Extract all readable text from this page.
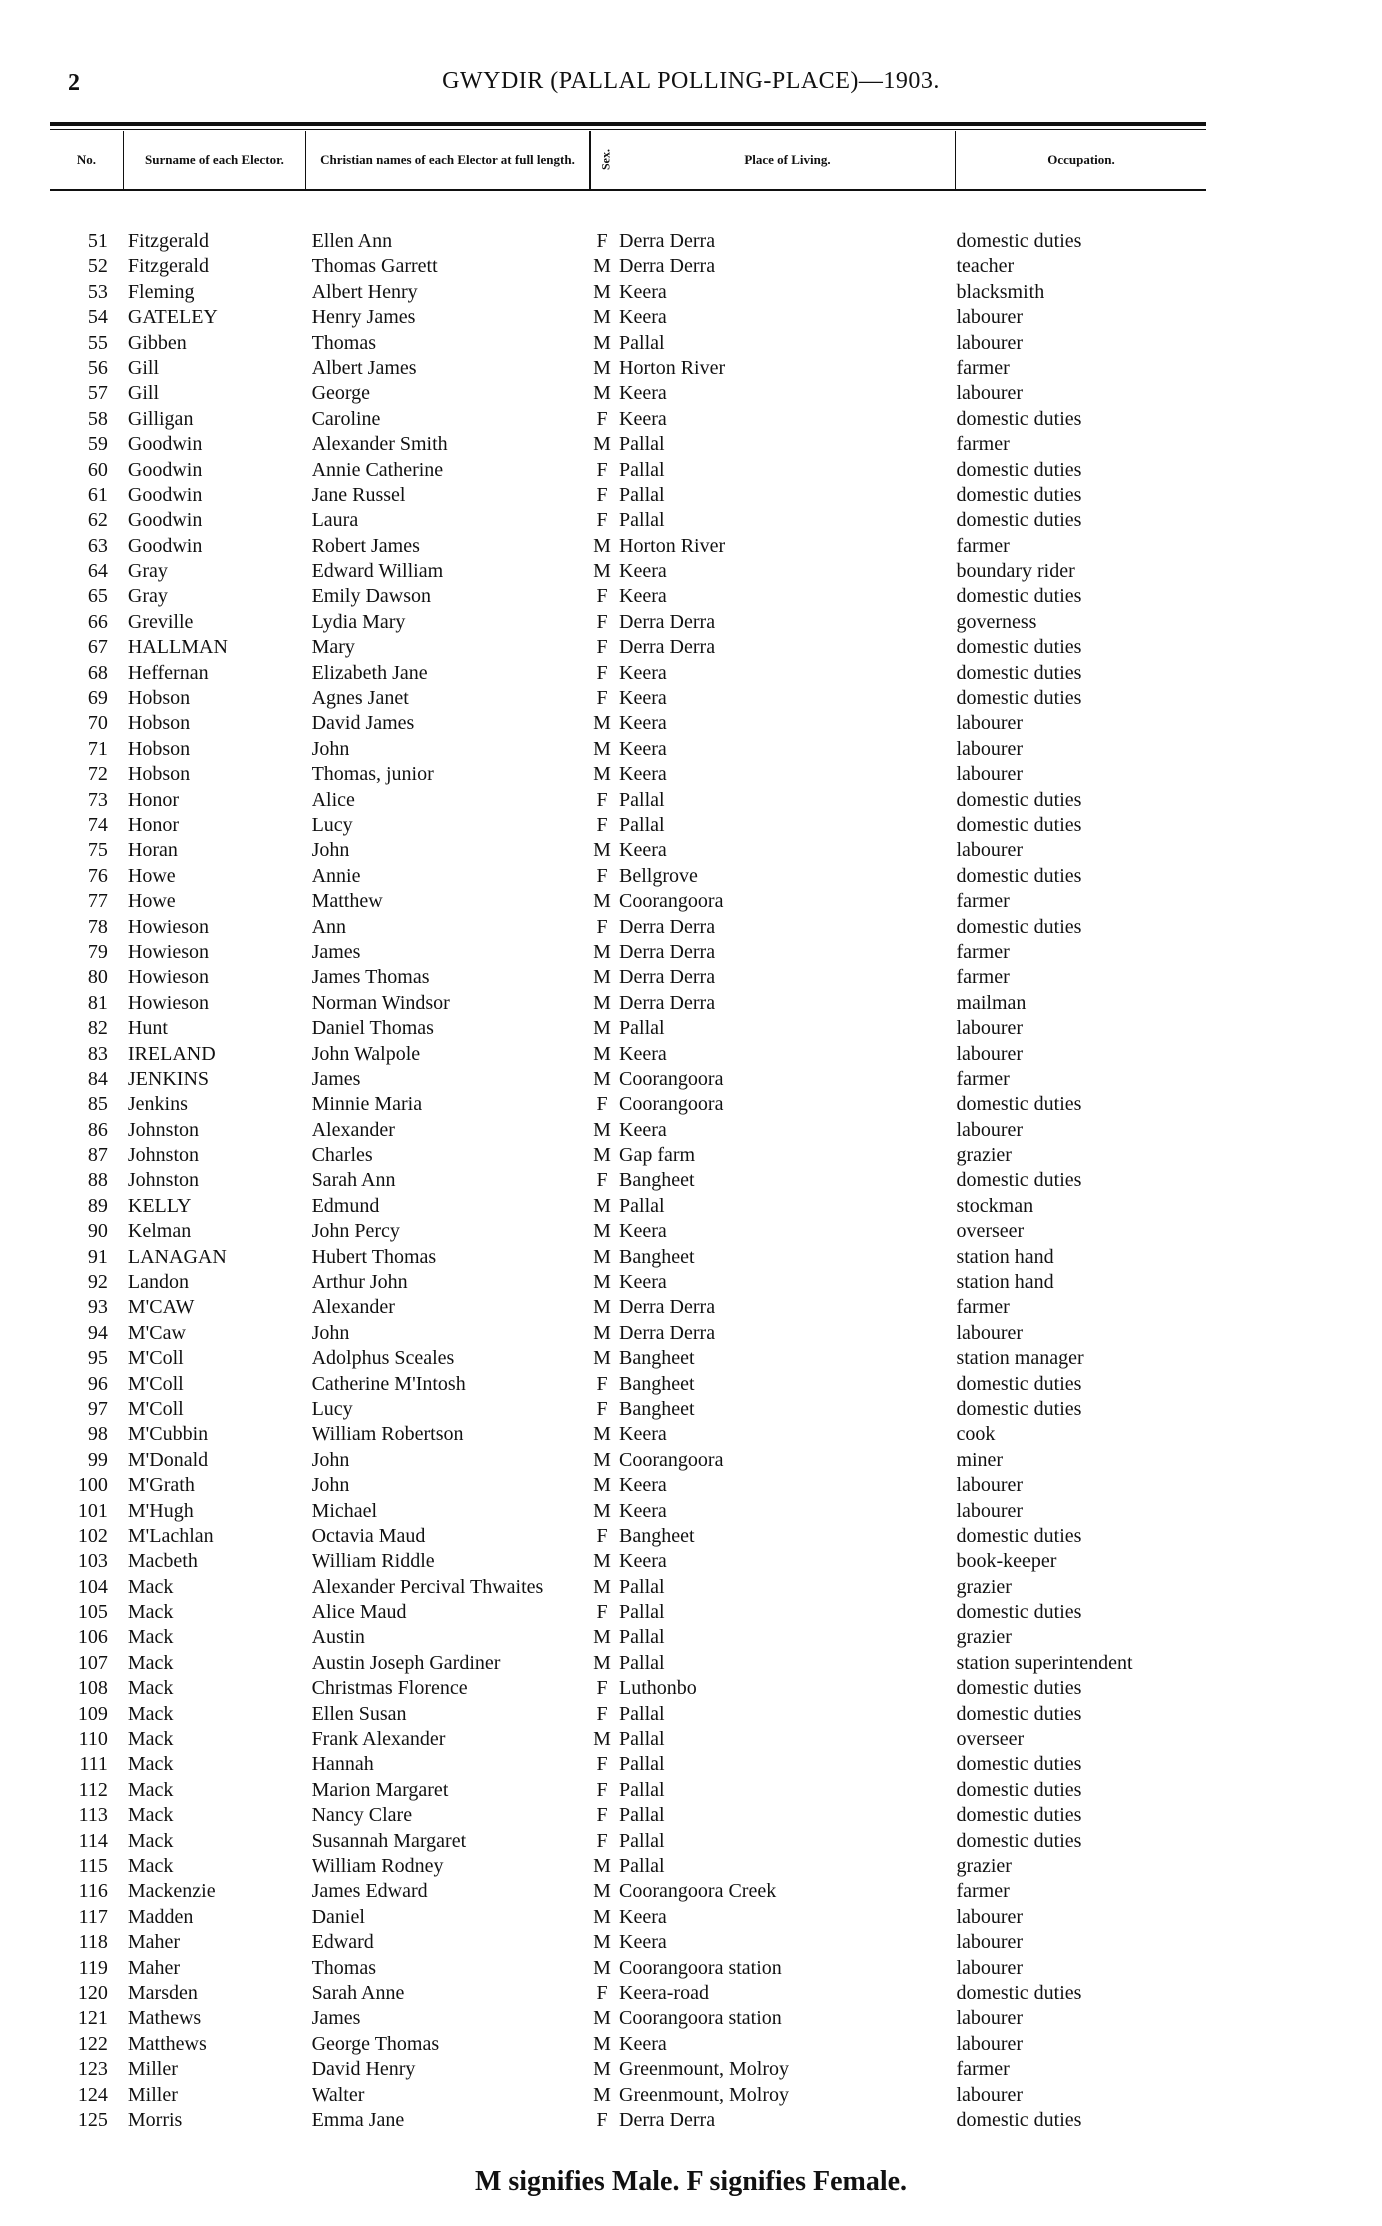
2	GWYDIR (PALLAL POLLING-PLACE)—1903.
No.	Surname of each Elector.	Christian names of each Elector at full length.	Sex.	Place of Living.	Occupation.
51	Fitzgerald	Ellen Ann	F Derra Derra	domestic duties
52	Fitzgerald	Thomas Garrett	M Derra Derra	teacher
53	Fleming	Albert Henry	M Keera	blacksmith
54	GATELEY	Henry James	M Keera	labourer
55	Gibben	Thomas	M Pallal	labourer
56	Gill	Albert James	M Horton River	farmer
57	Gill	George	M Keera	labourer
58	Gilligan	Caroline	F Keera	domestic duties
59	Goodwin	Alexander Smith	M Pallal	farmer
60	Goodwin	Annie Catherine	F Pallal	domestic duties
61	Goodwin	Jane Russel	F Pallal	domestic duties
62	Goodwin	Laura	F Pallal	domestic duties
63	Goodwin	Robert James	M Horton River	farmer
64	Gray	Edward William	M Keera	boundary rider
65	Gray	Emily Dawson	F Keera	domestic duties
66	Greville	Lydia Mary	F Derra Derra	governess
67	HALLMAN	Mary	F Derra Derra	domestic duties
68	Heffernan	Elizabeth Jane	F Keera	domestic duties
69	Hobson	Agnes Janet	F Keera	domestic duties
70	Hobson	David James	M Keera	labourer
71	Hobson	John	M Keera	labourer
72	Hobson	Thomas, junior	M Keera	labourer
73	Honor	Alice	F Pallal	domestic duties
74	Honor	Lucy	F Pallal	domestic duties
75	Horan	John	M Keera	labourer
76	Howe	Annie	F Bellgrove	domestic duties
77	Howe	Matthew	M Coorangoora	farmer
78	Howieson	Ann	F Derra Derra	domestic duties
79	Howieson	James	M Derra Derra	farmer
80	Howieson	James Thomas	M Derra Derra	farmer
81	Howieson	Norman Windsor	M Derra Derra	mailman
82	Hunt	Daniel Thomas	M Pallal	labourer
83	IRELAND	John Walpole	M Keera	labourer
84	JENKINS	James	M Coorangoora	farmer
85	Jenkins	Minnie Maria	F Coorangoora	domestic duties
86	Johnston	Alexander	M Keera	labourer
87	Johnston	Charles	M Gap farm	grazier
88	Johnston	Sarah Ann	F Bangheet	domestic duties
89	KELLY	Edmund	M Pallal	stockman
90	Kelman	John Percy	M Keera	overseer
91	LANAGAN	Hubert Thomas	M Bangheet	station hand
92	Landon	Arthur John	M Keera	station hand
93	M'CAW	Alexander	M Derra Derra	farmer
94	M'Caw	John	M Derra Derra	labourer
95	M'Coll	Adolphus Sceales	M Bangheet	station manager
96	M'Coll	Catherine M'Intosh	F Bangheet	domestic duties
97	M'Coll	Lucy	F Bangheet	domestic duties
98	M'Cubbin	William Robertson	M Keera	cook
99	M'Donald	John	M Coorangoora	miner
100	M'Grath	John	M Keera	labourer
101	M'Hugh	Michael	M Keera	labourer
102	M'Lachlan	Octavia Maud	F Bangheet	domestic duties
103	Macbeth	William Riddle	M Keera	book-keeper
104	Mack	Alexander Percival Thwaites	M Pallal	grazier
105	Mack	Alice Maud	F Pallal	domestic duties
106	Mack	Austin	M Pallal	grazier
107	Mack	Austin Joseph Gardiner	M Pallal	station superintendent
108	Mack	Christmas Florence	F Luthonbo	domestic duties
109	Mack	Ellen Susan	F Pallal	domestic duties
110	Mack	Frank Alexander	M Pallal	overseer
111	Mack	Hannah	F Pallal	domestic duties
112	Mack	Marion Margaret	F Pallal	domestic duties
113	Mack	Nancy Clare	F Pallal	domestic duties
114	Mack	Susannah Margaret	F Pallal	domestic duties
115	Mack	William Rodney	M Pallal	grazier
116	Mackenzie	James Edward	M Coorangoora Creek	farmer
117	Madden	Daniel	M Keera	labourer
118	Maher	Edward	M Keera	labourer
119	Maher	Thomas	M Coorangoora station	labourer
120	Marsden	Sarah Anne	F Keera-road	domestic duties
121	Mathews	James	M Coorangoora station	labourer
122	Matthews	George Thomas	M Keera	labourer
123	Miller	David Henry	M Greenmount, Molroy	farmer
124	Miller	Walter	M Greenmount, Molroy	labourer
125	Morris	Emma Jane	F Derra Derra	domestic duties
M signifies Male. F signifies Female.
